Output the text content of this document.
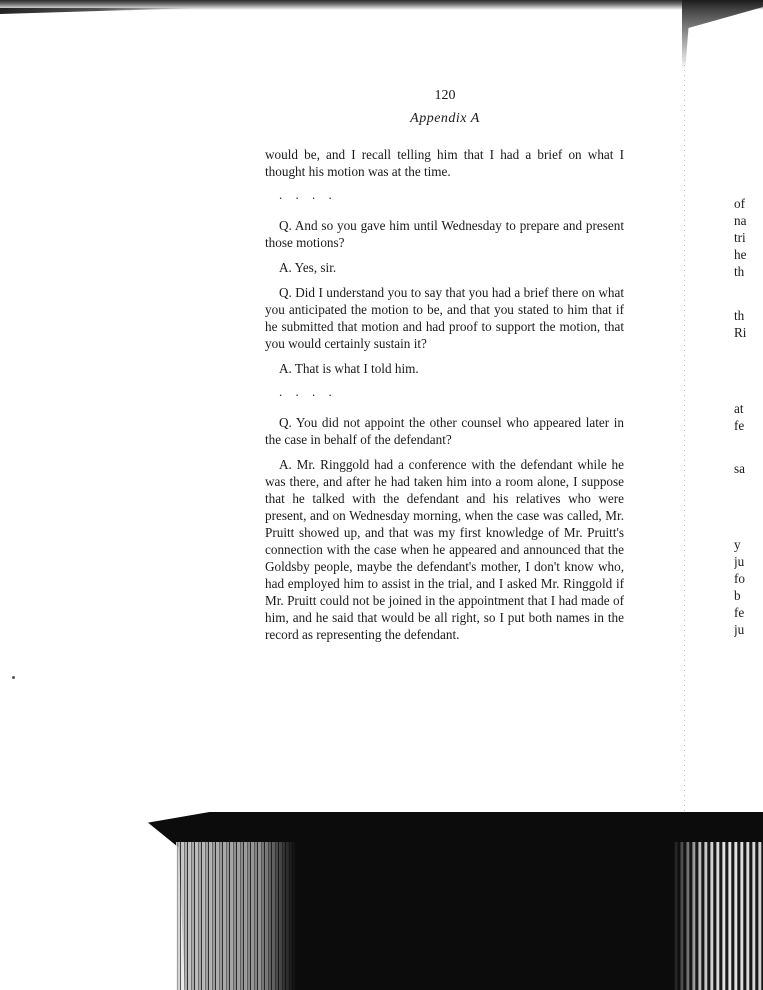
120
Appendix A

would be, and I recall telling him that I had a brief on what I thought his motion was at the time.

. . . .

Q. And so you gave him until Wednesday to prepare and present those motions?

A. Yes, sir.

Q. Did I understand you to say that you had a brief there on what you anticipated the motion to be, and that you stated to him that if he submitted that motion and had proof to support the motion, that you would certainly sustain it?

A. That is what I told him.

. . . .

Q. You did not appoint the other counsel who appeared later in the case in behalf of the defendant?

A. Mr. Ringgold had a conference with the defendant while he was there, and after he had taken him into a room alone, I suppose that he talked with the defendant and his relatives who were present, and on Wednesday morning, when the case was called, Mr. Pruitt showed up, and that was my first knowledge of Mr. Pruitt's connection with the case when he appeared and announced that the Goldsby people, maybe the defendant's mother, I don't know who, had employed him to assist in the trial, and I asked Mr. Ringgold if Mr. Pruitt could not be joined in the appointment that I had made of him, and he said that would be all right, so I put both names in the record as representing the defendant.

of
na
tri
he
th
th
Ri
at
fe
sa
y
ju
fo
b
fe
ju
